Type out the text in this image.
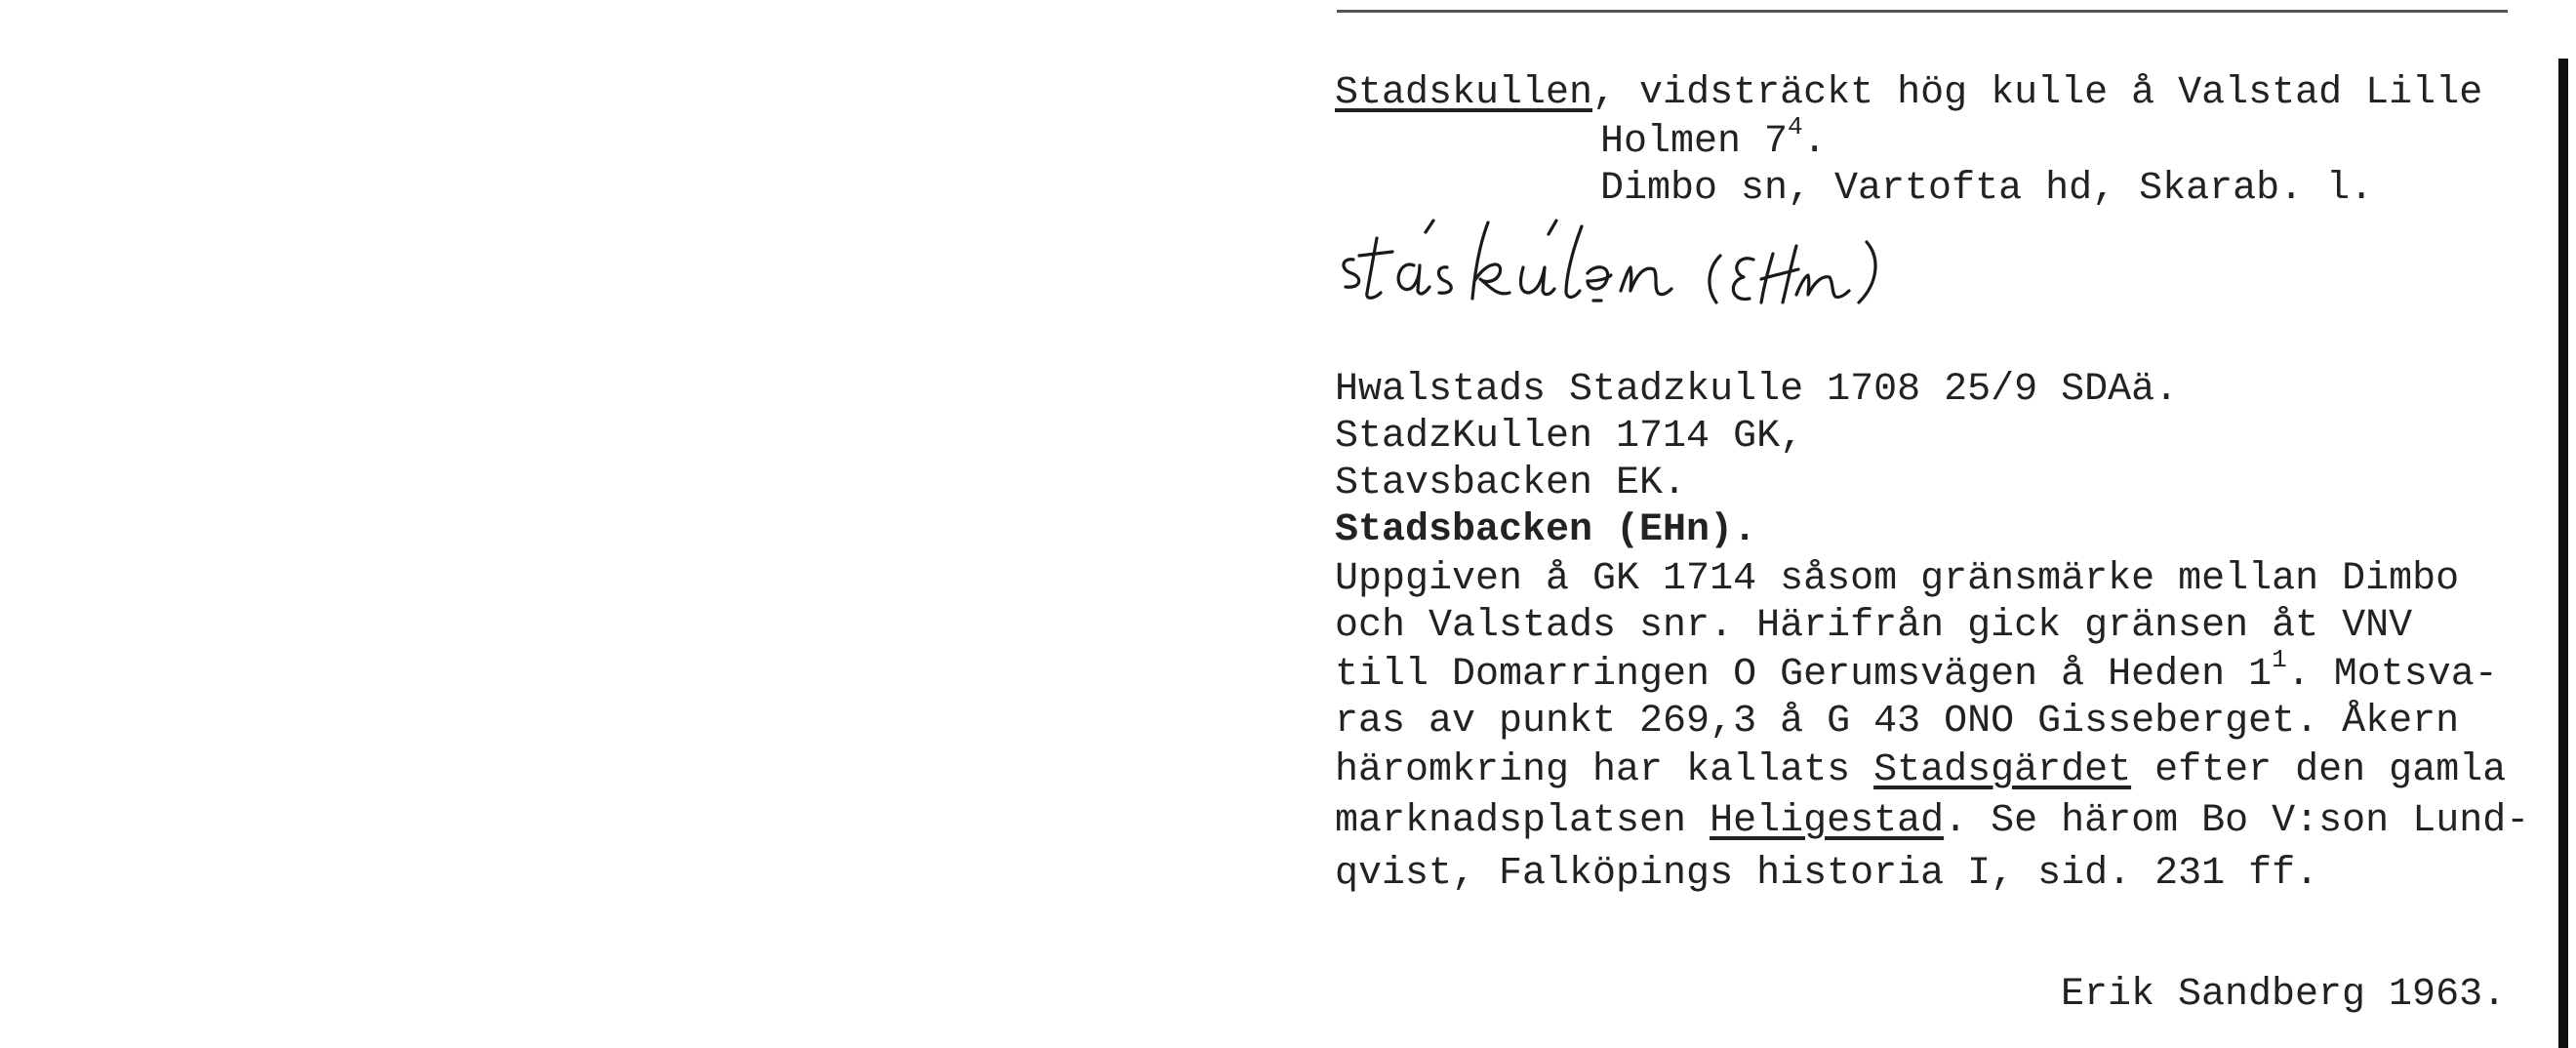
Stadskullen, vidsträckt hög kulle å Valstad Lille
Holmen $7^4$.
Dimbo sn, Vartofta hd, Skarab. l.
Hwalstads Stadzkulle 1708 25/9 SDAä.
StadzKullen 1714 GK,
Stavsbacken EK.
Stadsbacken (EHn).
Uppgiven å GK 1714 såsom gränsmärke mellan Dimbo
och Valstads snr. Härifrån gick gränsen åt VNV
till Domarringen O Gerumsvägen å Heden $1^1$. Motsva-
ras av punkt 269,3 å G 43 ONO Gisseberget. Åkern
häromkring har kallats Stadsgärdet efter den gamla
marknadsplatsen Heligestad. Se härom Bo V:son Lund-
qvist, Falköpings historia I, sid. 231 ff.
Erik Sandberg 1963.
